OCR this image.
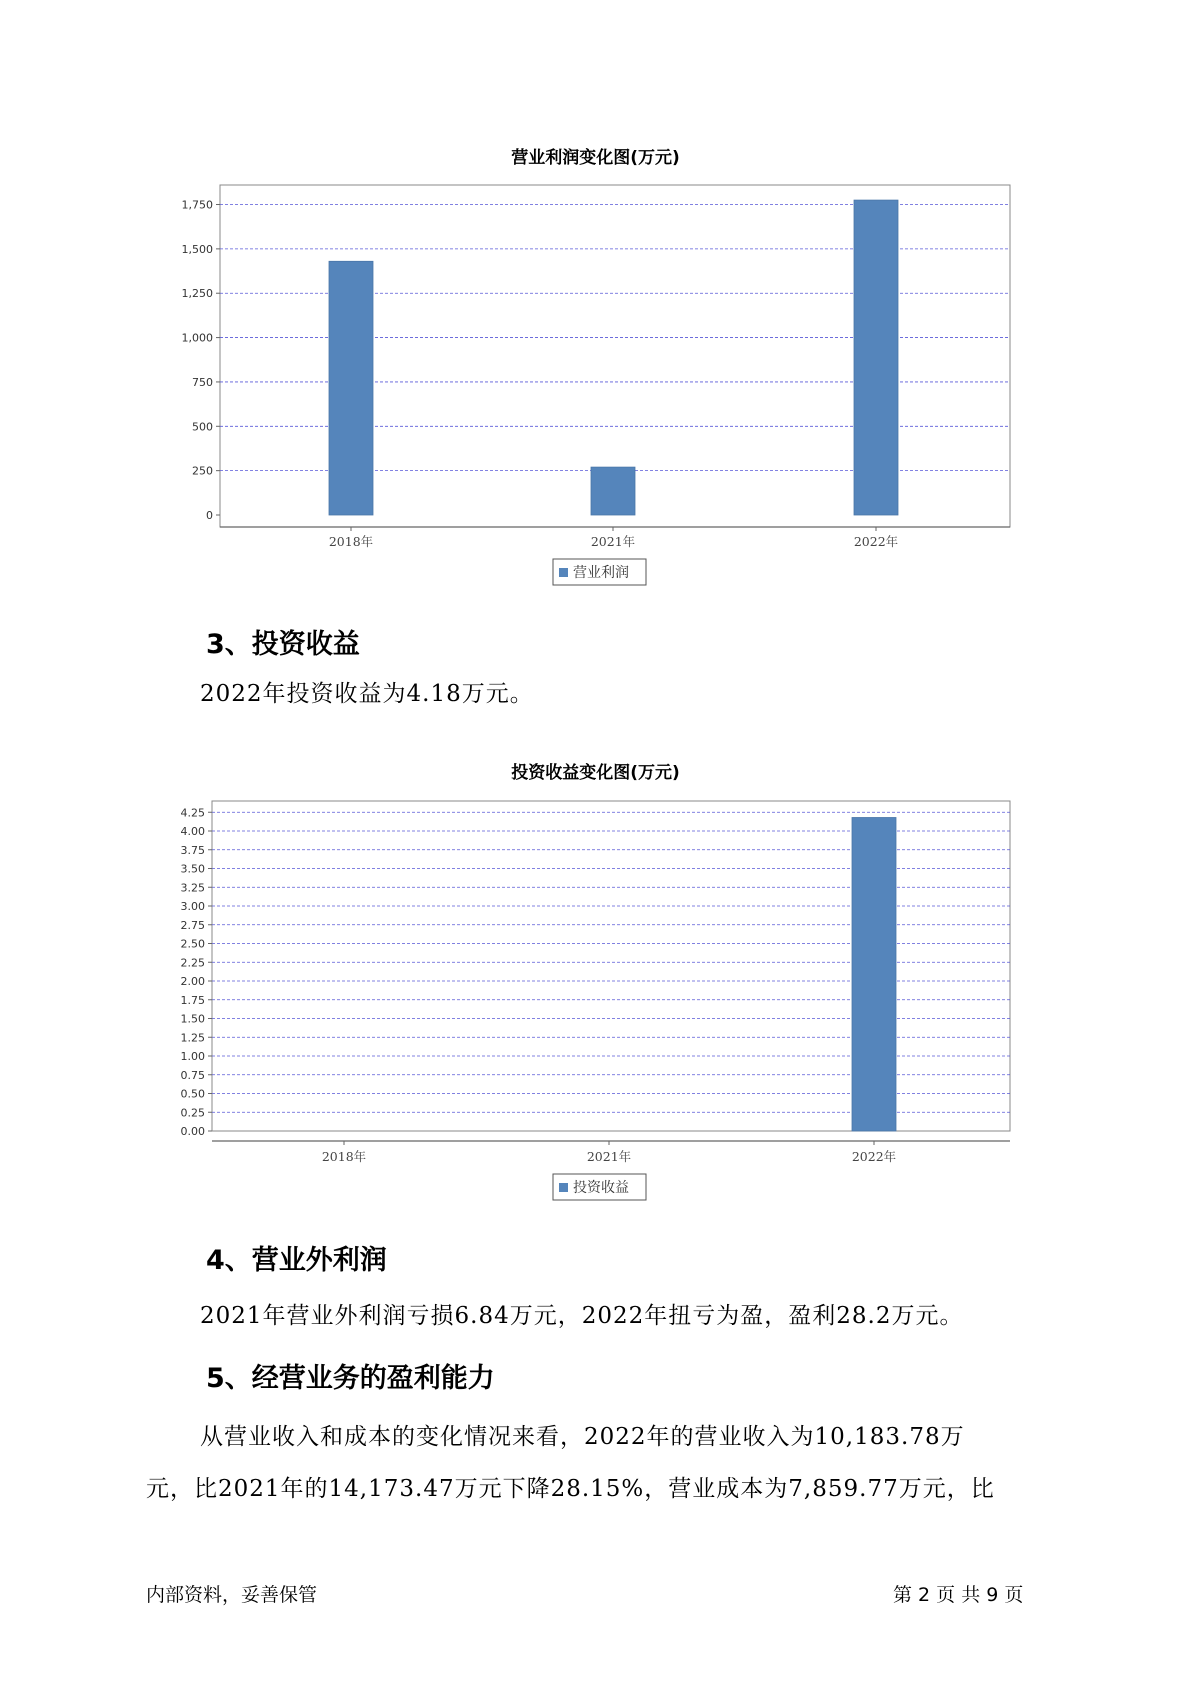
营业利润变化图(万元)
0
250
500
750
1,000
1,250
1,500
1,750
2018年	2021年	2022年
营业利润
3、投资收益
2022年投资收益为4.18万元。
投资收益变化图(万元)
0.00
0.25
0.50
0.75
1.00
1.25
1.50
1.75
2.00
2.25
2.50
2.75
3.00
3.25
3.50
3.75
4.00
4.25
2018年	2021年	2022年
投资收益
4、营业外利润
2021年营业外利润亏损6.84万元，2022年扭亏为盈，盈利28.2万元。
5、经营业务的盈利能力
从营业收入和成本的变化情况来看，2022年的营业收入为10,183.78万
元，比2021年的14,173.47万元下降28.15%，营业成本为7,859.77万元，比
内部资料，妥善保管	第 2 页 共 9 页
